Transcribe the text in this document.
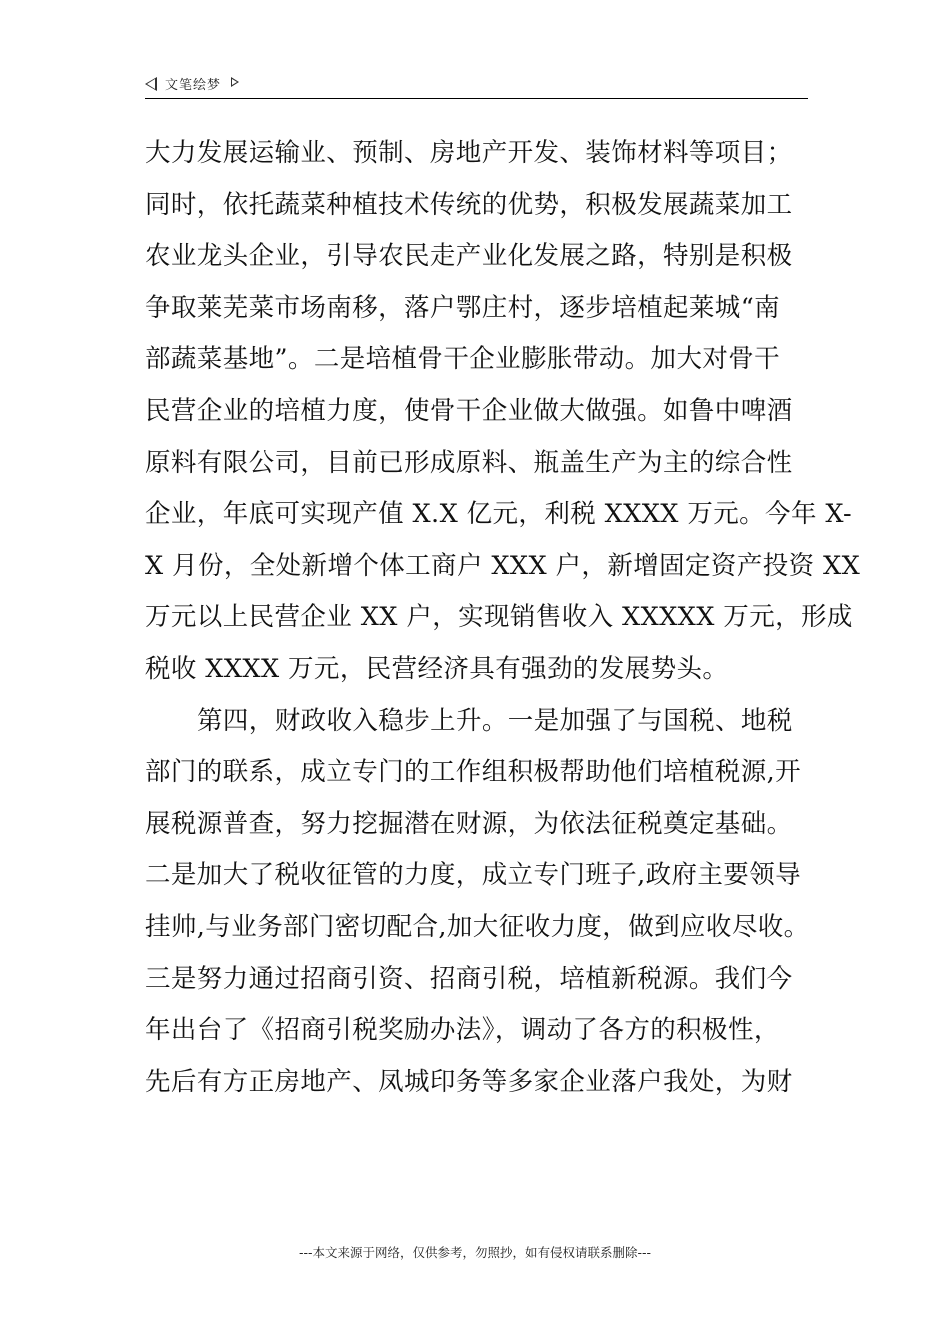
文笔绘梦
大力发展运输业、预制、房地产开发、装饰材料等项目；
同时，依托蔬菜种植技术传统的优势，积极发展蔬菜加工
农业龙头企业，引导农民走产业化发展之路，特别是积极
争取莱芜菜市场南移，落户鄂庄村，逐步培植起莱城“南
部蔬菜基地”。二是培植骨干企业膨胀带动。加大对骨干
民营企业的培植力度，使骨干企业做大做强。如鲁中啤酒
原料有限公司，目前已形成原料、瓶盖生产为主的综合性
企业，年底可实现产值 X.X 亿元，利税 XXXX 万元。今年 X-
X 月份，全处新增个体工商户 XXX 户，新增固定资产投资 XX
万元以上民营企业 XX 户，实现销售收入 XXXXX 万元，形成
税收 XXXX 万元，民营经济具有强劲的发展势头。
第四，财政收入稳步上升。一是加强了与国税、地税
部门的联系，成立专门的工作组积极帮助他们培植税源,开
展税源普查，努力挖掘潜在财源，为依法征税奠定基础。
二是加大了税收征管的力度，成立专门班子,政府主要领导
挂帅,与业务部门密切配合,加大征收力度，做到应收尽收。
三是努力通过招商引资、招商引税，培植新税源。我们今
年出台了《招商引税奖励办法》，调动了各方的积极性，
先后有方正房地产、凤城印务等多家企业落户我处，为财
---本文来源于网络，仅供参考，勿照抄，如有侵权请联系删除---
